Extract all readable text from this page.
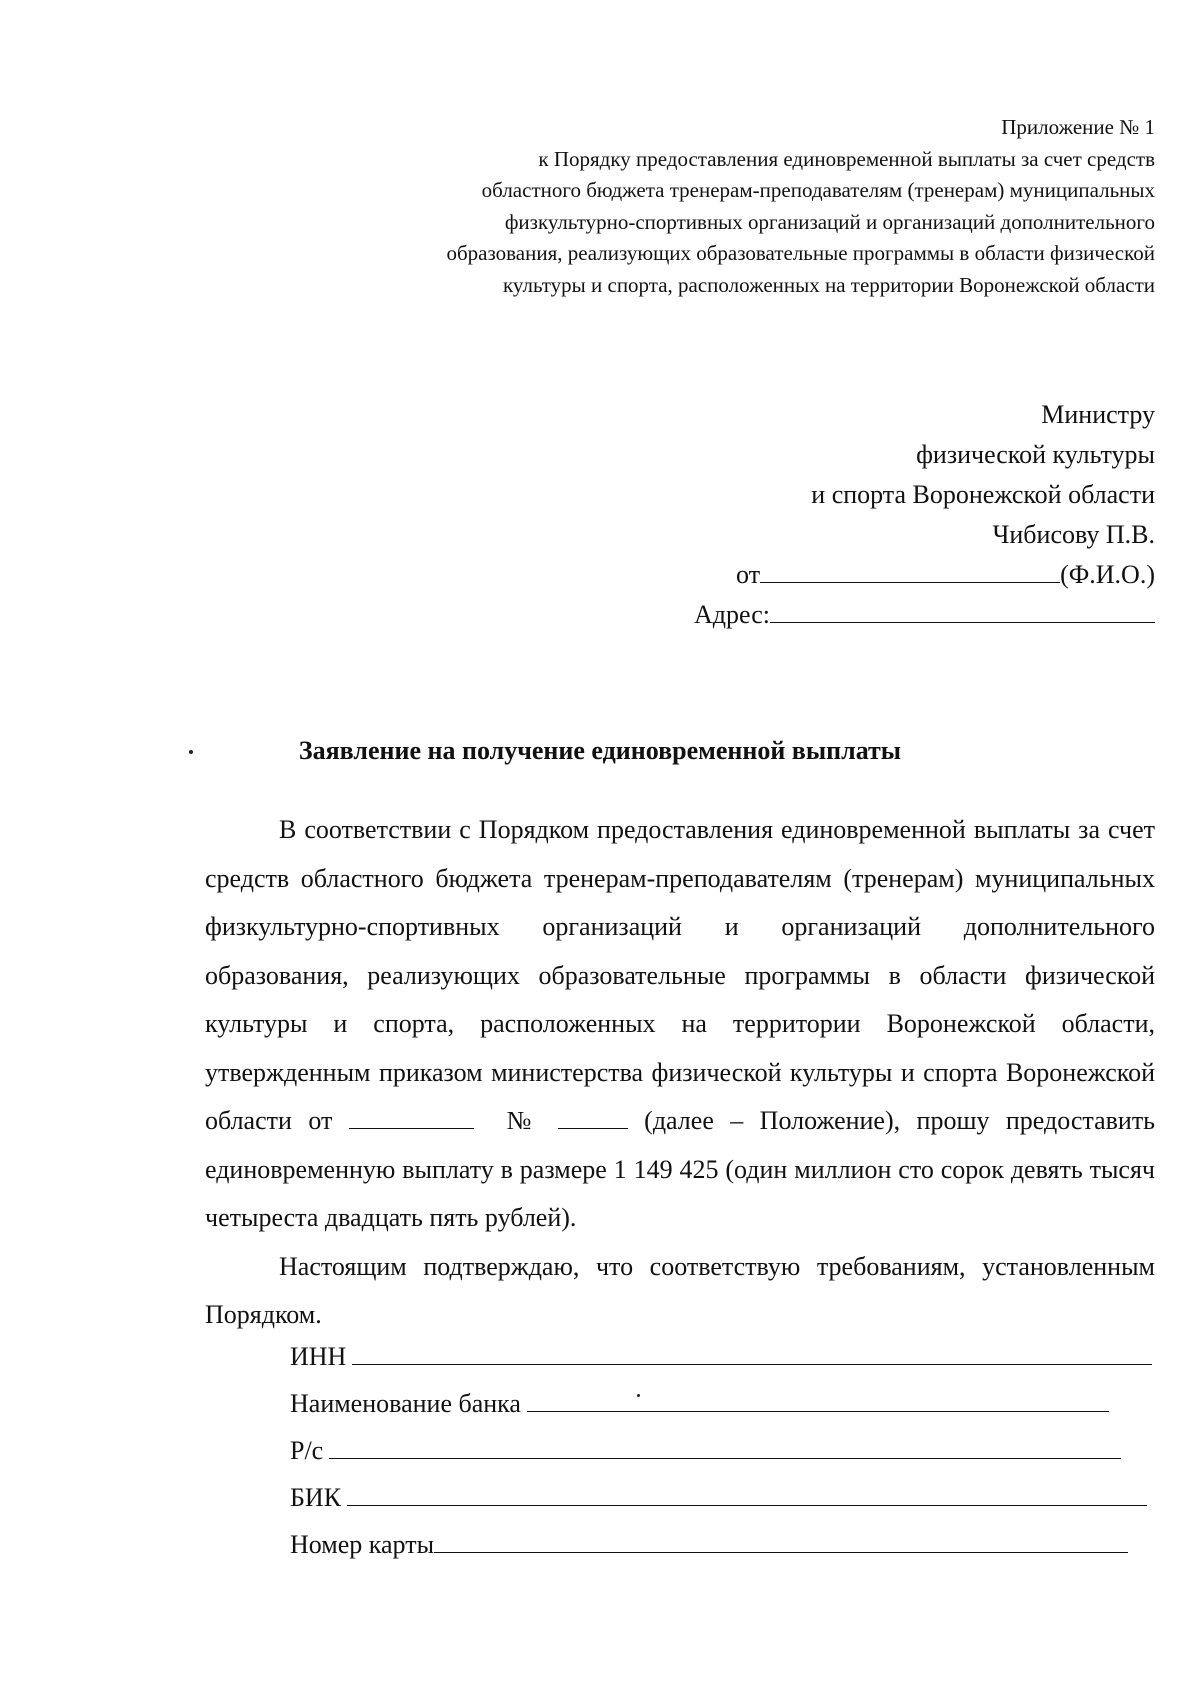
Приложение № 1
к Порядку предоставления единовременной выплаты за счет средств
областного бюджета тренерам-преподавателям (тренерам) муниципальных
физкультурно-спортивных организаций и организаций дополнительного
образования, реализующих образовательные программы в области физической
культуры и спорта, расположенных на территории Воронежской области
Министру
физической культуры
и спорта Воронежской области
Чибисову П.В.
от	(Ф.И.О.)
Адрес:
Заявление на получение единовременной выплаты

В соответствии с Порядком предоставления единовременной выплаты за счет средств областного бюджета тренерам-преподавателям (тренерам) муниципальных физкультурно-спортивных организаций и организаций дополнительного образования, реализующих образовательные программы в области физической культуры и спорта, расположенных на территории Воронежской области, утвержденным приказом министерства физической культуры и спорта Воронежской области от	№	(далее – Положение), прошу предоставить единовременную выплату в размере 1 149 425 (один миллион сто сорок девять тысяч четыреста двадцать пять рублей).

Настоящим подтверждаю, что соответствую требованиям, установленным Порядком.

ИНН
Наименование банка
Р/с
БИК
Номер карты
